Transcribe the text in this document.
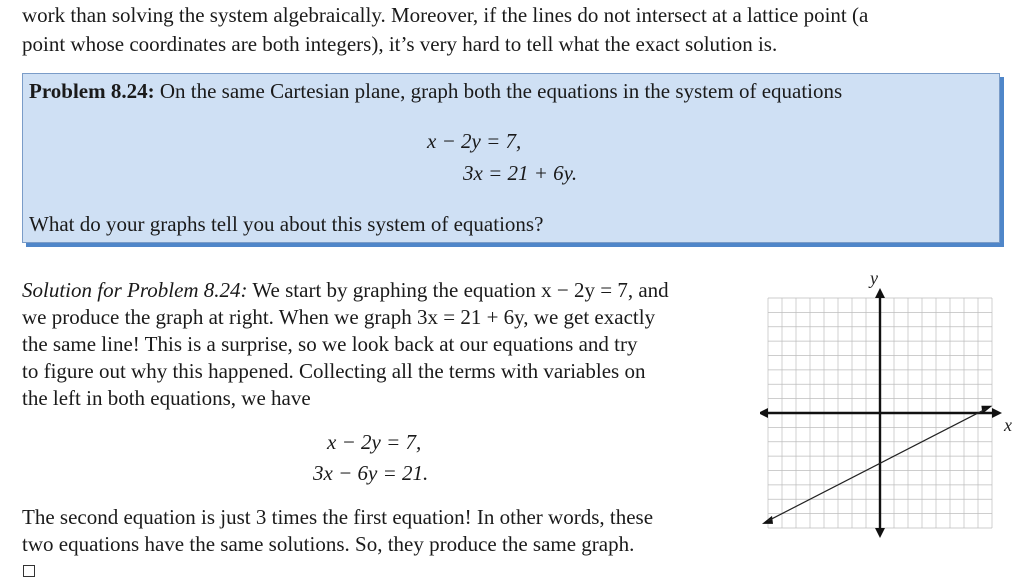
work than solving the system algebraically. Moreover, if the lines do not intersect at a lattice point (a
point whose coordinates are both integers), it’s very hard to tell what the exact solution is.
Problem 8.24: On the same Cartesian plane, graph both the equations in the system of equations
x − 2y = 7,
3x = 21 + 6y.
What do your graphs tell you about this system of equations?
Solution for Problem 8.24: We start by graphing the equation x − 2y = 7, and
we produce the graph at right. When we graph 3x = 21 + 6y, we get exactly
the same line! This is a surprise, so we look back at our equations and try
to figure out why this happened. Collecting all the terms with variables on
the left in both equations, we have
x − 2y = 7,
3x − 6y = 21.
The second equation is just 3 times the first equation! In other words, these
two equations have the same solutions. So, they produce the same graph.
x
y
